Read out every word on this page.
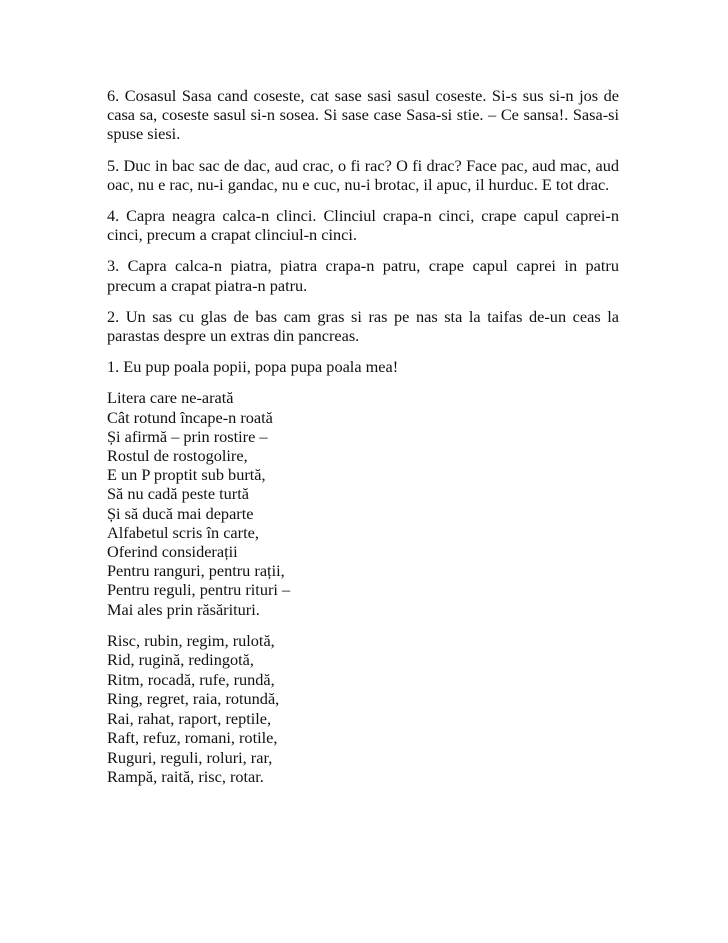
6. Cosasul Sasa cand coseste, cat sase sasi sasul coseste. Si-s sus si-n jos de casa sa, coseste sasul si-n sosea. Si sase case Sasa-si stie. – Ce sansa!. Sasa-si spuse siesi.

5. Duc in bac sac de dac, aud crac, o fi rac? O fi drac? Face pac, aud mac, aud oac, nu e rac, nu-i gandac, nu e cuc, nu-i brotac, il apuc, il hurduc. E tot drac.

4. Capra neagra calca-n clinci. Clinciul crapa-n cinci, crape capul caprei-n cinci, precum a crapat clinciul-n cinci.

3. Capra calca-n piatra, piatra crapa-n patru, crape capul caprei in patru precum a crapat piatra-n patru.

2. Un sas cu glas de bas cam gras si ras pe nas sta la taifas de-un ceas la parastas despre un extras din pancreas.

1. Eu pup poala popii, popa pupa poala mea!

Litera care ne-arată
Cât rotund încape-n roată
Și afirmă – prin rostire –
Rostul de rostogolire,
E un P proptit sub burtă,
Să nu cadă peste turtă
Și să ducă mai departe
Alfabetul scris în carte,
Oferind considerații
Pentru ranguri, pentru rații,
Pentru reguli, pentru rituri –
Mai ales prin răsărituri.
Risc, rubin, regim, rulotă,
Rid, rugină, redingotă,
Ritm, rocadă, rufe, rundă,
Ring, regret, raia, rotundă,
Rai, rahat, raport, reptile,
Raft, refuz, romani, rotile,
Ruguri, reguli, roluri, rar,
Rampă, raită, risc, rotar.
